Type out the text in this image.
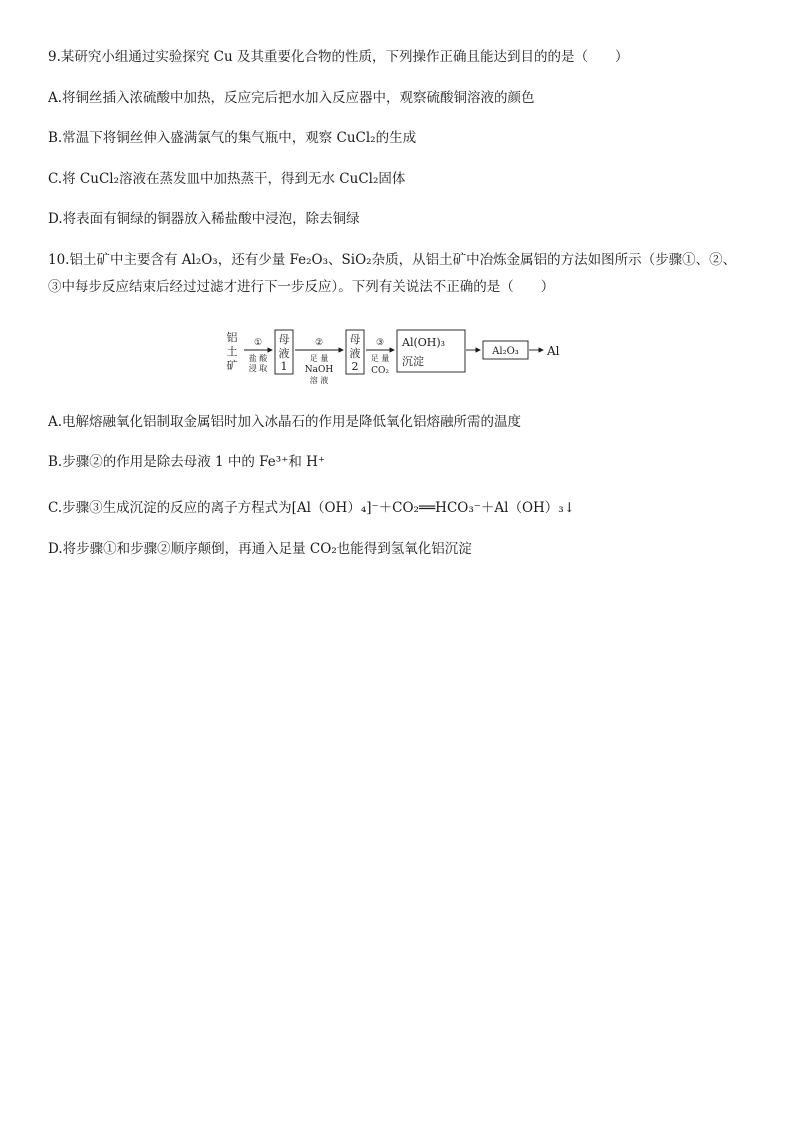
9.某研究小组通过实验探究 Cu 及其重要化合物的性质，下列操作正确且能达到目的的是（　　）
A.将铜丝插入浓硫酸中加热，反应完后把水加入反应器中，观察硫酸铜溶液的颜色
B.常温下将铜丝伸入盛满氯气的集气瓶中，观察 CuCl₂的生成
C.将 CuCl₂溶液在蒸发皿中加热蒸干，得到无水 CuCl₂固体
D.将表面有铜绿的铜器放入稀盐酸中浸泡，除去铜绿
10.铝土矿中主要含有 Al₂O₃，还有少量 Fe₂O₃、SiO₂杂质，从铝土矿中冶炼金属铝的方法如图所示（步骤①、②、
③中每步反应结束后经过过滤才进行下一步反应）。下列有关说法不正确的是（　　）
铝
土
矿
①
盐 酸
浸 取
母
液
1
②
足 量
NaOH
溶 液
母
液
2
③
足 量
CO₂
Al(OH)₃
沉淀
Al₂O₃ Al
A.电解熔融氧化铝制取金属铝时加入冰晶石的作用是降低氧化铝熔融所需的温度
B.步骤②的作用是除去母液 1 中的 Fe³⁺和 H⁺
C.步骤③生成沉淀的反应的离子方程式为[Al（OH）₄]⁻＋CO₂══HCO₃⁻＋Al（OH）₃↓
D.将步骤①和步骤②顺序颠倒，再通入足量 CO₂也能得到氢氧化铝沉淀
